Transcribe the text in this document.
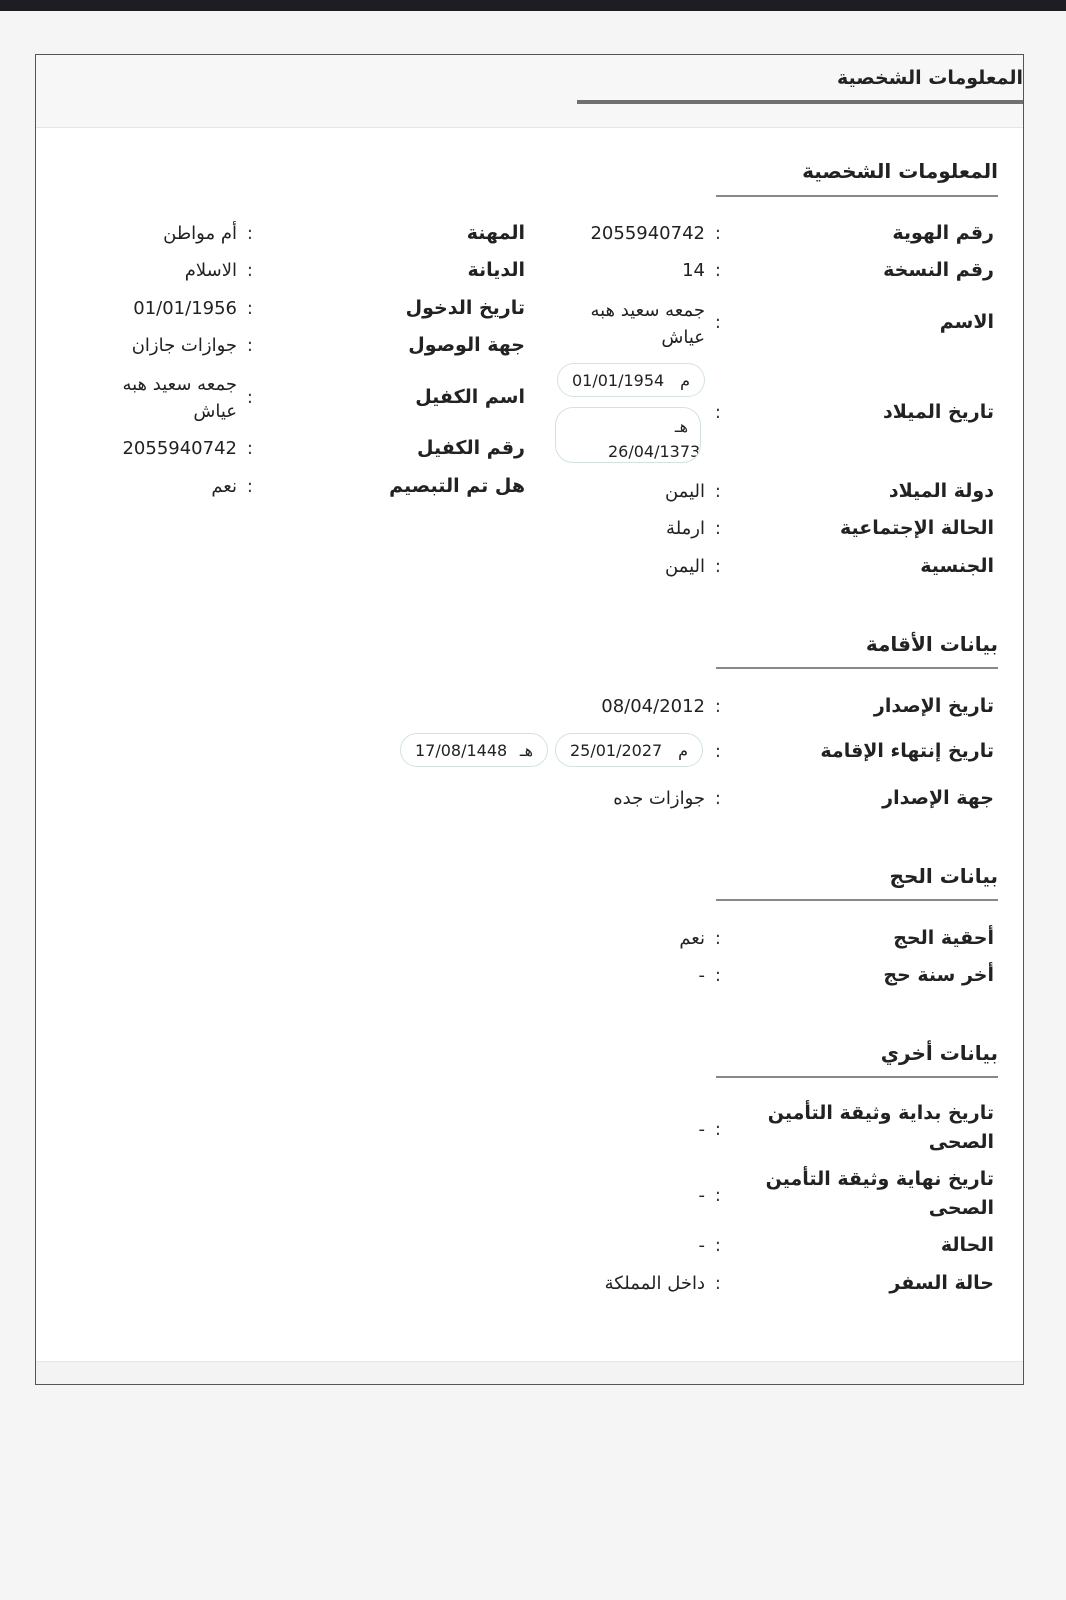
المعلومات الشخصية
المعلومات الشخصية
رقم الهوية
:
2055940742
رقم النسخة
:
14
الاسم
:
جمعه سعيد هبه عياش
تاريخ الميلاد
:
م
01/01/1954
هـ
26/04/1373
دولة الميلاد
:
اليمن
الحالة الإجتماعية
:
ارملة
الجنسية
:
اليمن
المهنة
:
أم مواطن
الديانة
:
الاسلام
تاريخ الدخول
:
01/01/1956
جهة الوصول
:
جوازات جازان
اسم الكفيل
:
جمعه سعيد هبه عياش
رقم الكفيل
:
2055940742
هل تم التبصيم
:
نعم
بيانات الأقامة
تاريخ الإصدار
:
08/04/2012
تاريخ إنتهاء الإقامة
:
م
25/01/2027
هـ
17/08/1448
جهة الإصدار
:
جوازات جده
بيانات الحج
أحقية الحج
:
نعم
أخر سنة حج
:
-
بيانات أخري
تاريخ بداية وثيقة التأمين الصحى
:
-
تاريخ نهاية وثيقة التأمين الصحى
:
-
الحالة
:
-
حالة السفر
:
داخل المملكة
